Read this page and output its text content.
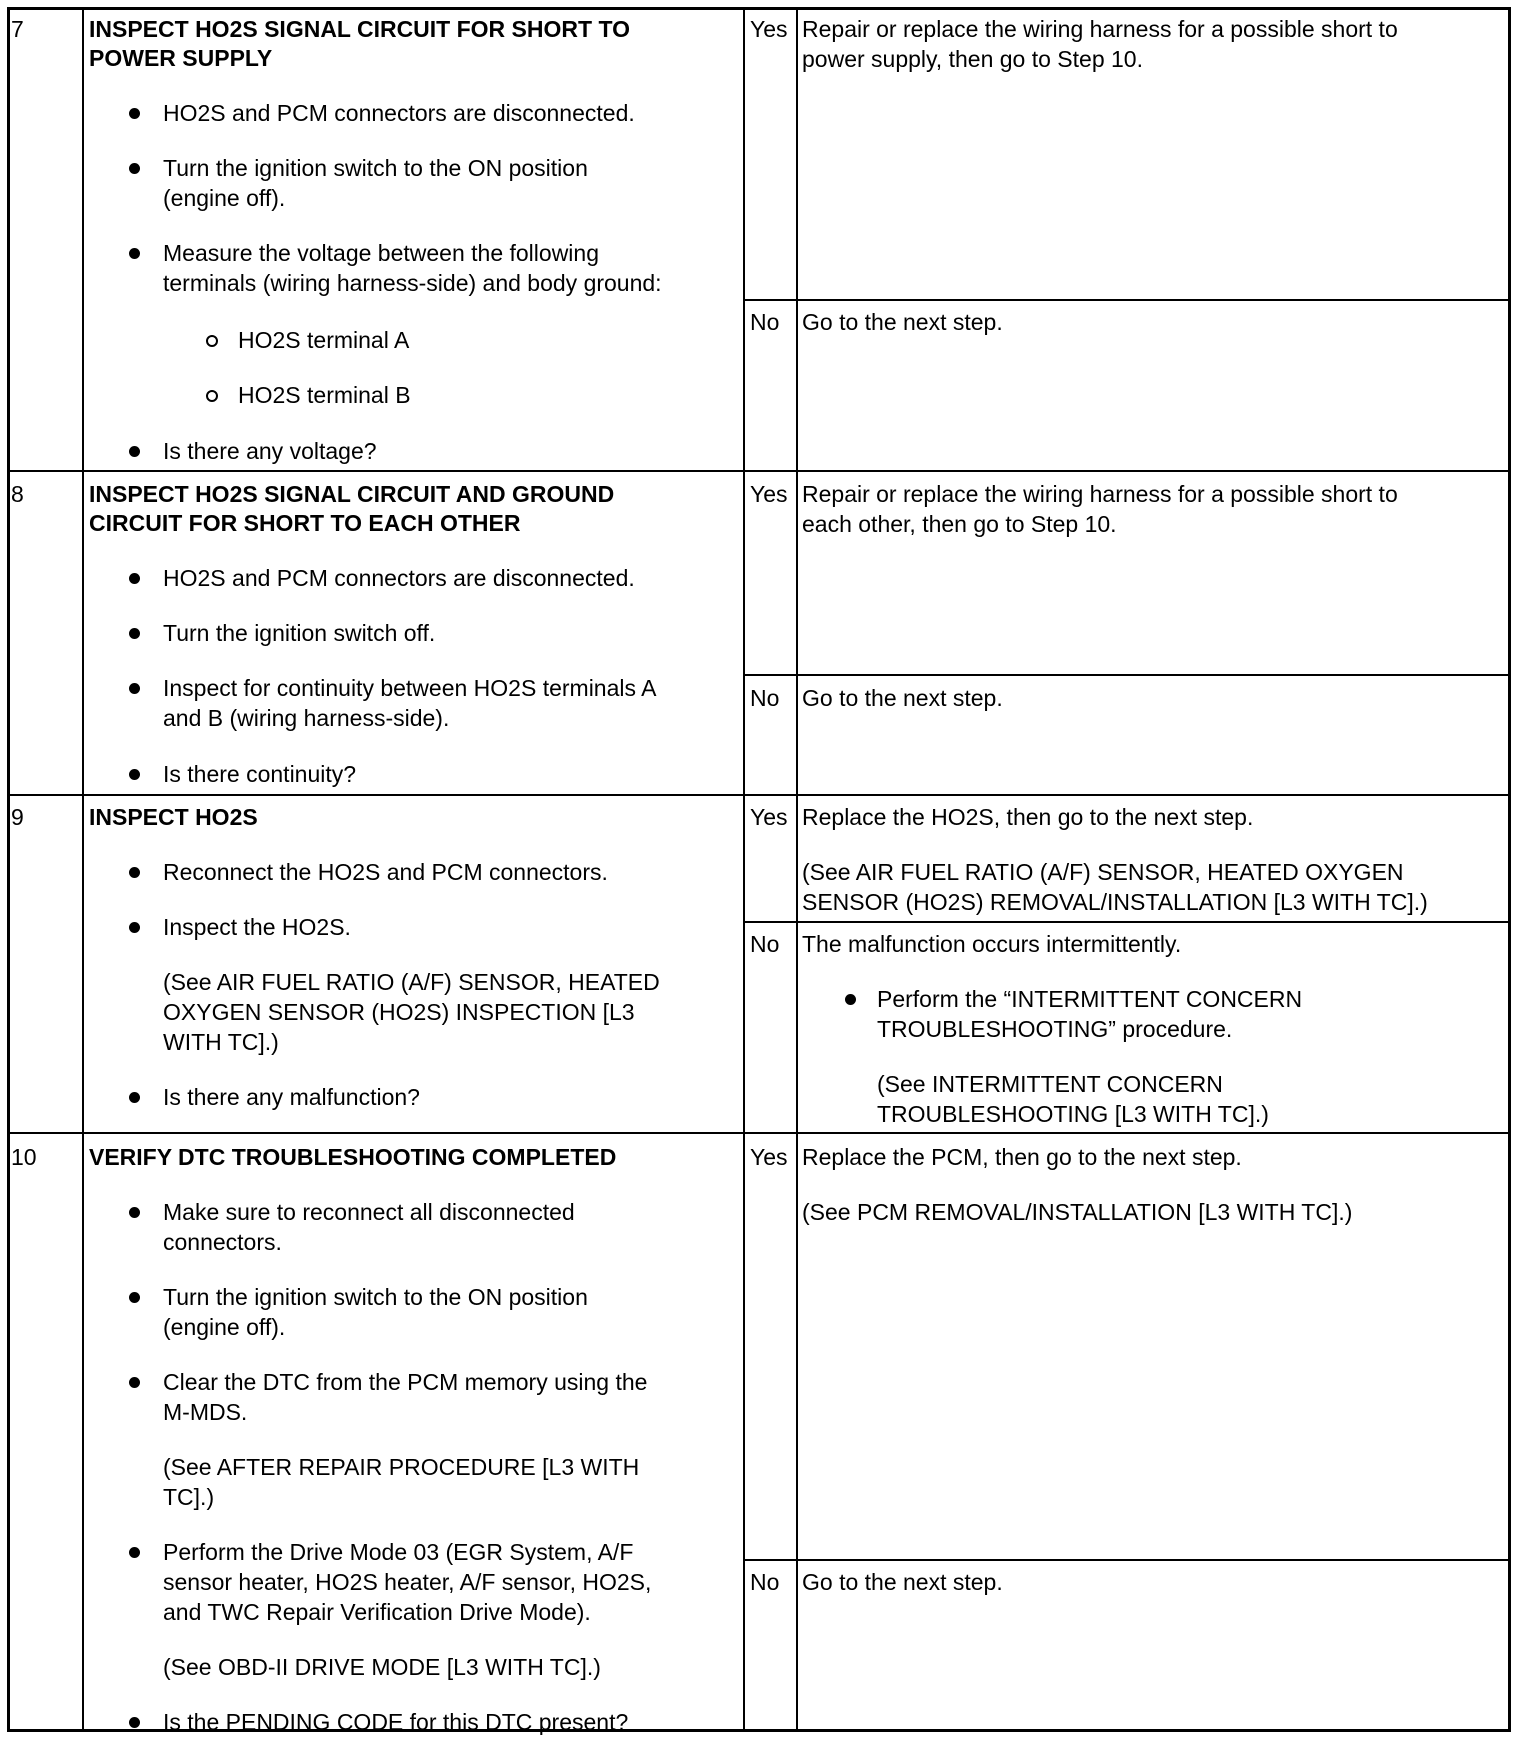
7	INSPECT HO2S SIGNAL CIRCUIT FOR SHORT TO
POWER SUPPLY
HO2S and PCM connectors are disconnected.
Turn the ignition switch to the ON position
(engine off).
Measure the voltage between the following
terminals (wiring harness-side) and body ground:
HO2S terminal A
HO2S terminal B
Is there any voltage?
Yes Repair or replace the wiring harness for a possible short to
power supply, then go to Step 10.
No Go to the next step.
8	INSPECT HO2S SIGNAL CIRCUIT AND GROUND
CIRCUIT FOR SHORT TO EACH OTHER
HO2S and PCM connectors are disconnected.
Turn the ignition switch off.
Inspect for continuity between HO2S terminals A
and B (wiring harness-side).
Is there continuity?
Yes Repair or replace the wiring harness for a possible short to
each other, then go to Step 10.
No Go to the next step.
9	INSPECT HO2S
Reconnect the HO2S and PCM connectors.
Inspect the HO2S.
(See AIR FUEL RATIO (A/F) SENSOR, HEATED
OXYGEN SENSOR (HO2S) INSPECTION [L3
WITH TC].)
Is there any malfunction?
Yes Replace the HO2S, then go to the next step.
(See AIR FUEL RATIO (A/F) SENSOR, HEATED OXYGEN
SENSOR (HO2S) REMOVAL/INSTALLATION [L3 WITH TC].)
No The malfunction occurs intermittently.
Perform the “INTERMITTENT CONCERN
TROUBLESHOOTING” procedure.
(See INTERMITTENT CONCERN
TROUBLESHOOTING [L3 WITH TC].)
10 VERIFY DTC TROUBLESHOOTING COMPLETED
Make sure to reconnect all disconnected
connectors.
Turn the ignition switch to the ON position
(engine off).
Clear the DTC from the PCM memory using the
M-MDS.
(See AFTER REPAIR PROCEDURE [L3 WITH
TC].)
Perform the Drive Mode 03 (EGR System, A/F
sensor heater, HO2S heater, A/F sensor, HO2S,
and TWC Repair Verification Drive Mode).
(See OBD-II DRIVE MODE [L3 WITH TC].)
Is the PENDING CODE for this DTC present?
Yes Replace the PCM, then go to the next step.
(See PCM REMOVAL/INSTALLATION [L3 WITH TC].)
No Go to the next step.
